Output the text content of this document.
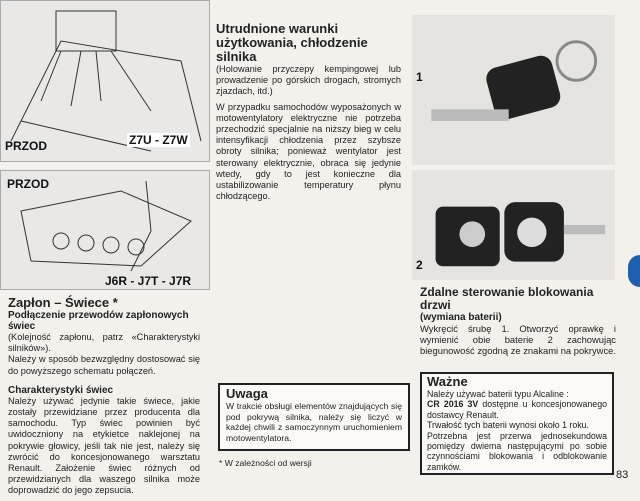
PRZOD	Z7U - Z7W
PRZOD
J6R - J7T - J7R
Zapłon – Świece *
Podłączenie przewodów zapłonowych świec

(Kolejność zapłonu, patrz «Charakterystyki silników»).

Należy w sposób bezwzględny dostosować się do powyższego schematu połączeń.

Charakterystyki świec

Należy używać jedynie takie świece, jakie zostały przewidziane przez producenta dla samochodu. Typ świec powinien być uwidoczniony na etykietce naklejonej na pokrywie głowicy, jeśli tak nie jest, należy się zwrócić do koncesjonowanego warsztatu Renault. Założenie świec różnych od przewidzianych dla waszego silnika może doprowadzić do jego zepsucia.

Utrudnione warunki użytkowania, chłodzenie silnika

(Holowanie przyczepy kempingowej lub prowadzenie po górskich drogach, stromych zjazdach, itd.)

W przypadku samochodów wyposażonych w motowentylatory elektryczne nie potrzeba przechodzić specjalnie na niższy bieg w celu intensyfikacji chłodzenia przez szybsze obroty silnika; ponieważ wentylator jest sterowany elektrycznie, obraca się jedynie wtedy, gdy to jest konieczne dla ustabilizowanie temperatury płynu chłodzącego.

Uwaga

W trakcie obsługi elementów znajdujących się pod pokrywą silnika, należy się liczyć w każdej chwili z samoczynnym uruchomieniem motowentylatora.

* W zależności od wersji
1
2
Zdalne sterowanie blokowania drzwi
(wymiana baterii)

Wykręcić śrubę 1. Otworzyć oprawkę i wymienić obie baterie 2 zachowując biegunowość zgodną ze znakami na pokrywce.

Ważne

Należy używać baterii typu Alcaline :
CR 2016 3V dostępne u koncesjonowanego dostawcy Renault.
Trwałość tych baterii wynosi około 1 roku.
Potrzebna jest przerwa jednosekundowa pomiędzy dwiema następującymi po sobie czynnościami blokowania i odblokowanie zamków.

83
